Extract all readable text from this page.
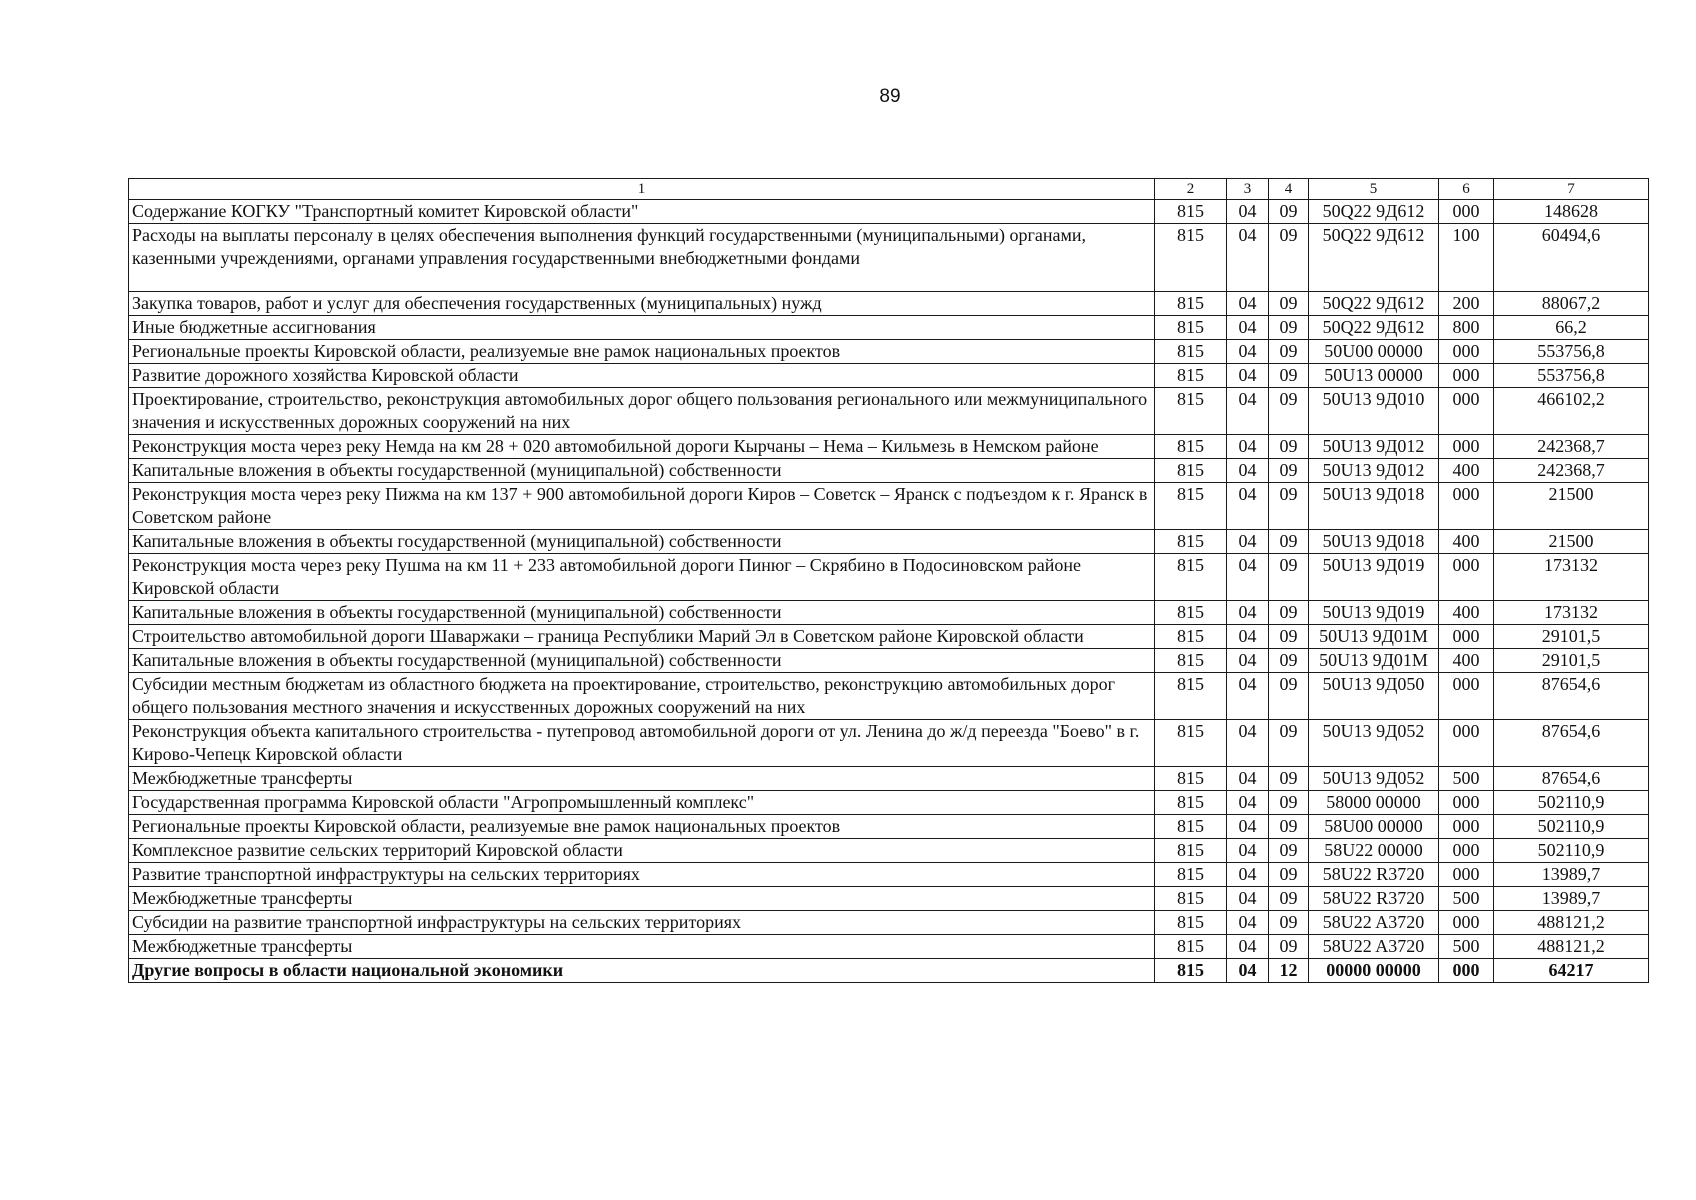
89
1	2	3	4	5	6	7
Содержание КОГКУ "Транспортный комитет Кировской области"	815	04	09	50Q22 9Д612	000	148628
Расходы на выплаты персоналу в целях обеспечения выполнения функций государственными (муниципальными) органами, казенными учреждениями, органами управления государственными внебюджетными фондами	815	04	09	50Q22 9Д612	100	60494,6
Закупка товаров, работ и услуг для обеспечения государственных (муниципальных) нужд	815	04	09	50Q22 9Д612	200	88067,2
Иные бюджетные ассигнования	815	04	09	50Q22 9Д612	800	66,2
Региональные проекты Кировской области, реализуемые вне рамок национальных проектов	815	04	09	50U00 00000	000	553756,8
Развитие дорожного хозяйства Кировской области	815	04	09	50U13 00000	000	553756,8
Проектирование, строительство, реконструкция автомобильных дорог общего пользования регионального или межмуниципального значения и искусственных дорожных сооружений на них	815	04	09	50U13 9Д010	000	466102,2
Реконструкция моста через реку Немда на км 28 + 020 автомобильной дороги Кырчаны – Нема – Кильмезь в Немском районе	815	04	09	50U13 9Д012	000	242368,7
Капитальные вложения в объекты государственной (муниципальной) собственности	815	04	09	50U13 9Д012	400	242368,7
Реконструкция моста через реку Пижма на км 137 + 900 автомобильной дороги Киров – Советск – Яранск с подъездом к г. Яранск в Советском районе	815	04	09	50U13 9Д018	000	21500
Капитальные вложения в объекты государственной (муниципальной) собственности	815	04	09	50U13 9Д018	400	21500
Реконструкция моста через реку Пушма на км 11 + 233 автомобильной дороги Пинюг – Скрябино в Подосиновском районе Кировской области	815	04	09	50U13 9Д019	000	173132
Капитальные вложения в объекты государственной (муниципальной) собственности	815	04	09	50U13 9Д019	400	173132
Строительство автомобильной дороги Шаваржаки – граница Республики Марий Эл в Советском районе Кировской области	815	04	09	50U13 9Д01М	000	29101,5
Капитальные вложения в объекты государственной (муниципальной) собственности	815	04	09	50U13 9Д01М	400	29101,5
Субсидии местным бюджетам из областного бюджета на проектирование, строительство, реконструкцию автомобильных дорог общего пользования местного значения и искусственных дорожных сооружений на них	815	04	09	50U13 9Д050	000	87654,6
Реконструкция объекта капитального строительства - путепровод автомобильной дороги от ул. Ленина до ж/д переезда "Боево" в г. Кирово-Чепецк Кировской области	815	04	09	50U13 9Д052	000	87654,6
Межбюджетные трансферты	815	04	09	50U13 9Д052	500	87654,6
Государственная программа Кировской области "Агропромышленный комплекс"	815	04	09	58000 00000	000	502110,9
Региональные проекты Кировской области, реализуемые вне рамок национальных проектов	815	04	09	58U00 00000	000	502110,9
Комплексное развитие сельских территорий Кировской области	815	04	09	58U22 00000	000	502110,9
Развитие транспортной инфраструктуры на сельских территориях	815	04	09	58U22 R3720	000	13989,7
Межбюджетные трансферты	815	04	09	58U22 R3720	500	13989,7
Субсидии на развитие транспортной инфраструктуры на сельских территориях	815	04	09	58U22 A3720	000	488121,2
Межбюджетные трансферты	815	04	09	58U22 A3720	500	488121,2
Другие вопросы в области национальной экономики	815	04	12	00000 00000	000	64217
